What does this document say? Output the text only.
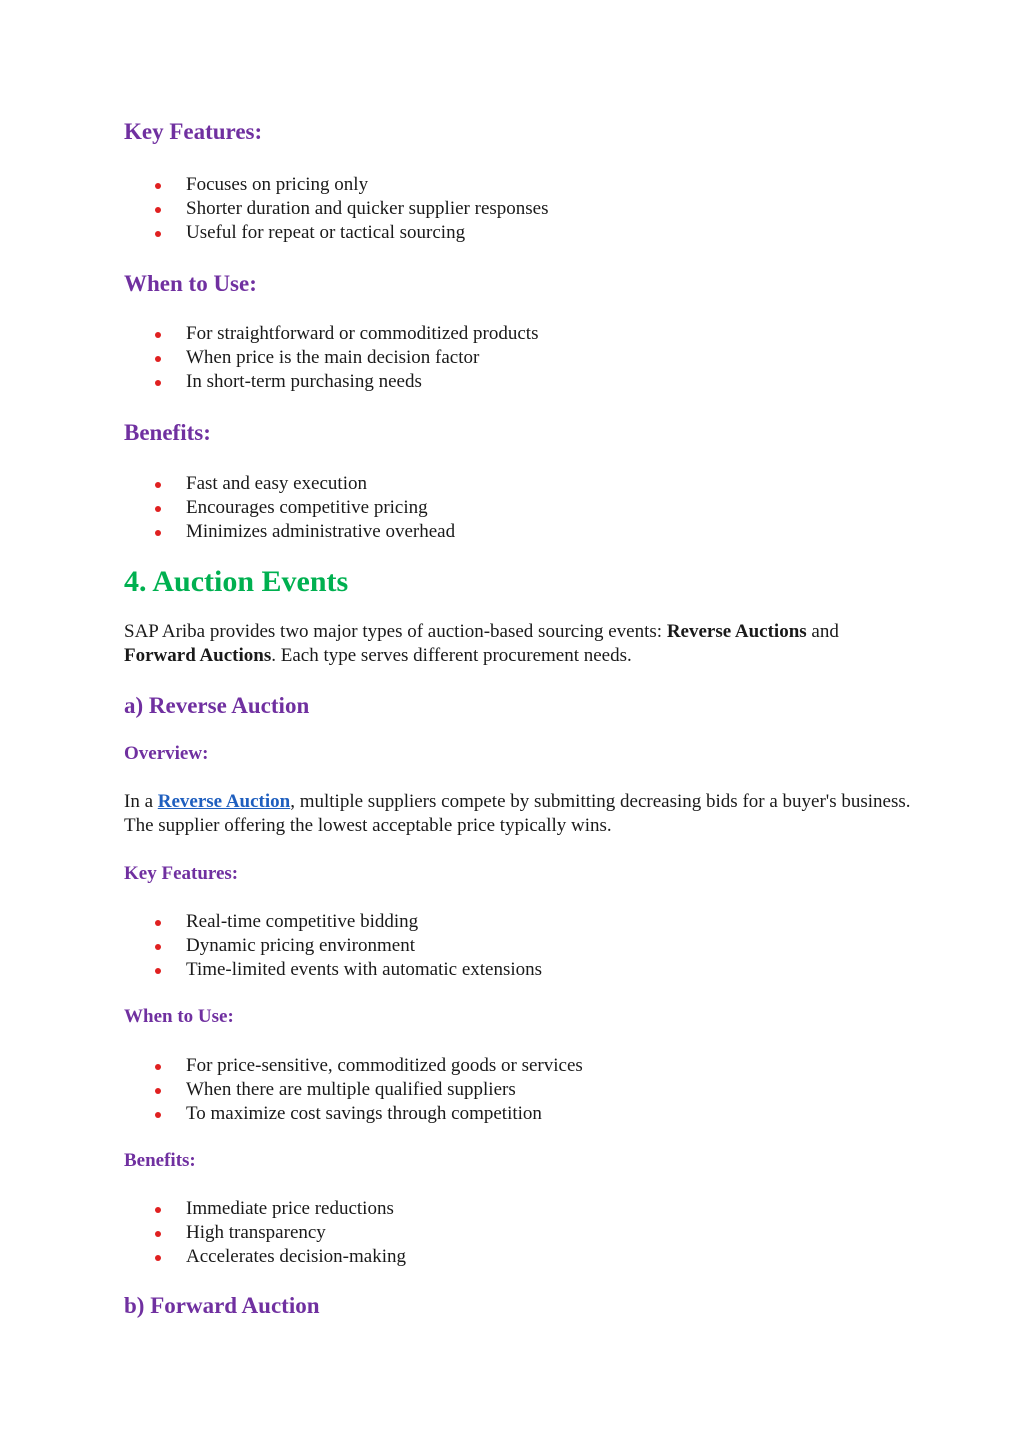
Key Features:
Focuses on pricing only
Shorter duration and quicker supplier responses
Useful for repeat or tactical sourcing
When to Use:
For straightforward or commoditized products
When price is the main decision factor
In short-term purchasing needs
Benefits:
Fast and easy execution
Encourages competitive pricing
Minimizes administrative overhead
4. Auction Events

SAP Ariba provides two major types of auction-based sourcing events: Reverse Auctions and Forward Auctions. Each type serves different procurement needs.

a) Reverse Auction
Overview:

In a Reverse Auction, multiple suppliers compete by submitting decreasing bids for a buyer's business. The supplier offering the lowest acceptable price typically wins.

Key Features:
Real-time competitive bidding
Dynamic pricing environment
Time-limited events with automatic extensions
When to Use:
For price-sensitive, commoditized goods or services
When there are multiple qualified suppliers
To maximize cost savings through competition
Benefits:
Immediate price reductions
High transparency
Accelerates decision-making
b) Forward Auction
